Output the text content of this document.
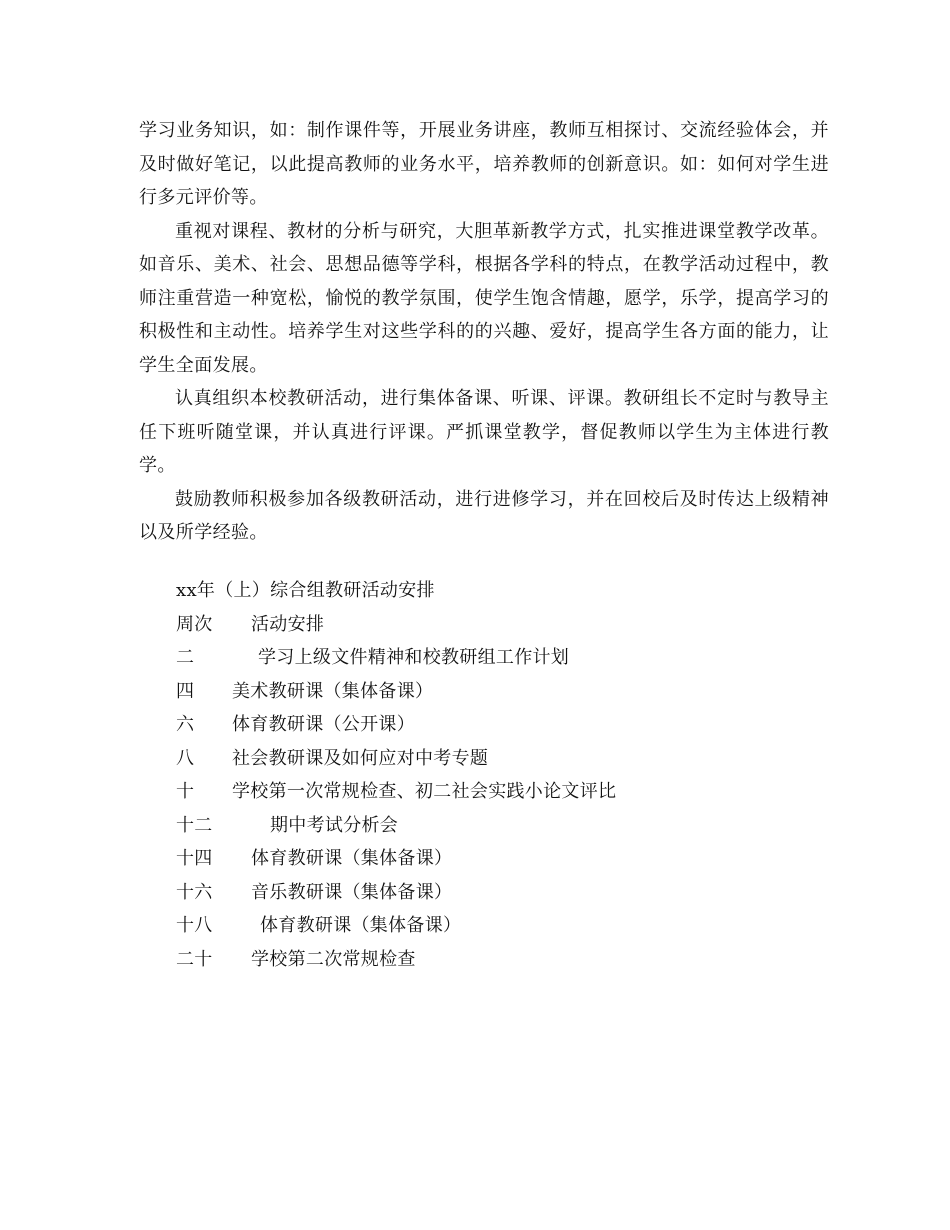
学习业务知识，如：制作课件等，开展业务讲座，教师互相探讨、交流经验体会，并及时做好笔记，以此提高教师的业务水平，培养教师的创新意识。如：如何对学生进行多元评价等。

重视对课程、教材的分析与研究，大胆革新教学方式，扎实推进课堂教学改革。如音乐、美术、社会、思想品德等学科，根据各学科的特点，在教学活动过程中，教师注重营造一种宽松，愉悦的教学氛围，使学生饱含情趣，愿学，乐学，提高学习的积极性和主动性。培养学生对这些学科的的兴趣、爱好，提高学生各方面的能力，让学生全面发展。

认真组织本校教研活动，进行集体备课、听课、评课。教研组长不定时与教导主任下班听随堂课，并认真进行评课。严抓课堂教学，督促教师以学生为主体进行教学。

鼓励教师积极参加各级教研活动，进行进修学习，并在回校后及时传达上级精神以及所学经验。

xx年（上）综合组教研活动安排

周次	活动安排
二	学习上级文件精神和校教研组工作计划
四	美术教研课（集体备课）
六	体育教研课（公开课）
八	社会教研课及如何应对中考专题
十	学校第一次常规检查、初二社会实践小论文评比
十二	期中考试分析会
十四	体育教研课（集体备课）
十六	音乐教研课（集体备课）
十八	体育教研课（集体备课）
二十	学校第二次常规检查
